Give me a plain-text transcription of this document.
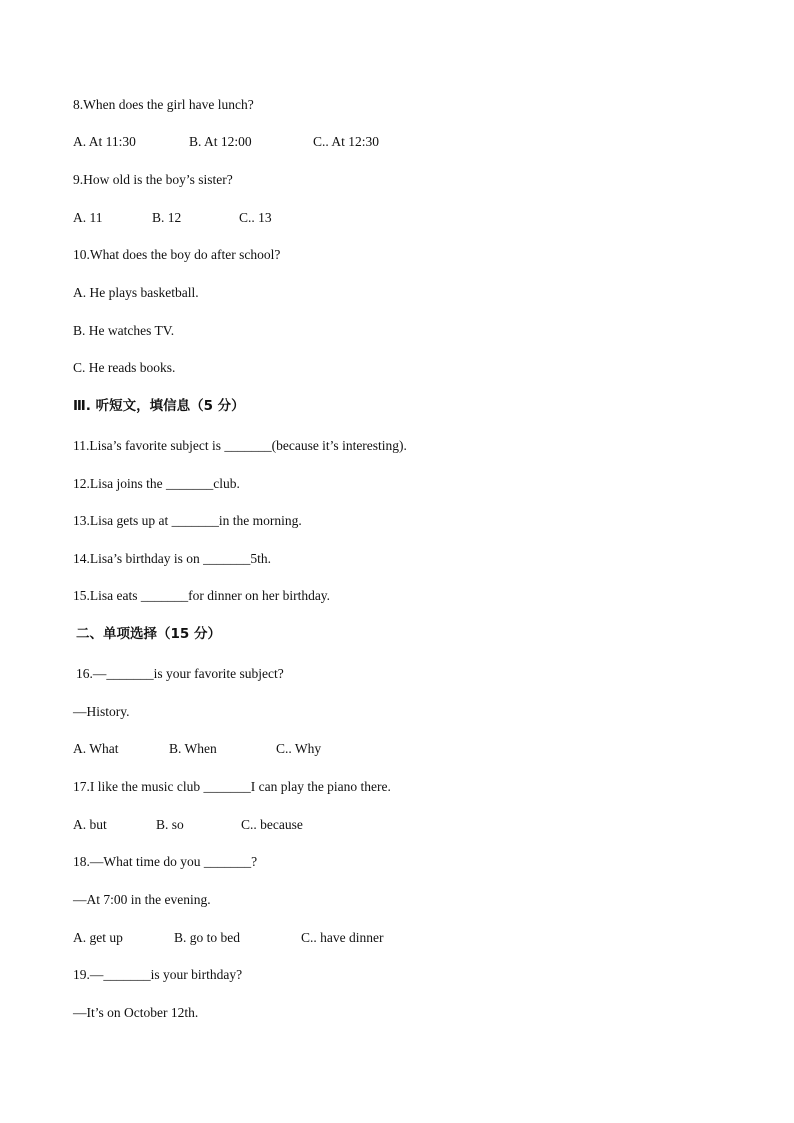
8.When does the girl have lunch?

A. At 11:30

	B. At 12:00

	C.. At 12:30

9.How old is the boy’s sister?

A. 11

	B. 12

	C.. 13

10.What does the boy do after school?
A. He plays basketball.
B. He watches TV.
C. He reads books.
Ⅲ. 听短文，填信息（5 分）
11.Lisa’s favorite subject is _______(because it’s interesting).
12.Lisa joins the _______club.
13.Lisa gets up at _______in the morning.
14.Lisa’s birthday is on _______5th.
15.Lisa eats _______for dinner on her birthday.
二、单项选择（15 分）
16.—_______is your favorite subject?
—History.

A. What

	B. When

	C.. Why

17.I like the music club _______I can play the piano there.

A. but

	B. so

	C.. because

18.—What time do you _______?
—At 7:00 in the evening.

A. get up

	B. go to bed

	C.. have dinner

19.—_______is your birthday?
—It’s on October 12th.
